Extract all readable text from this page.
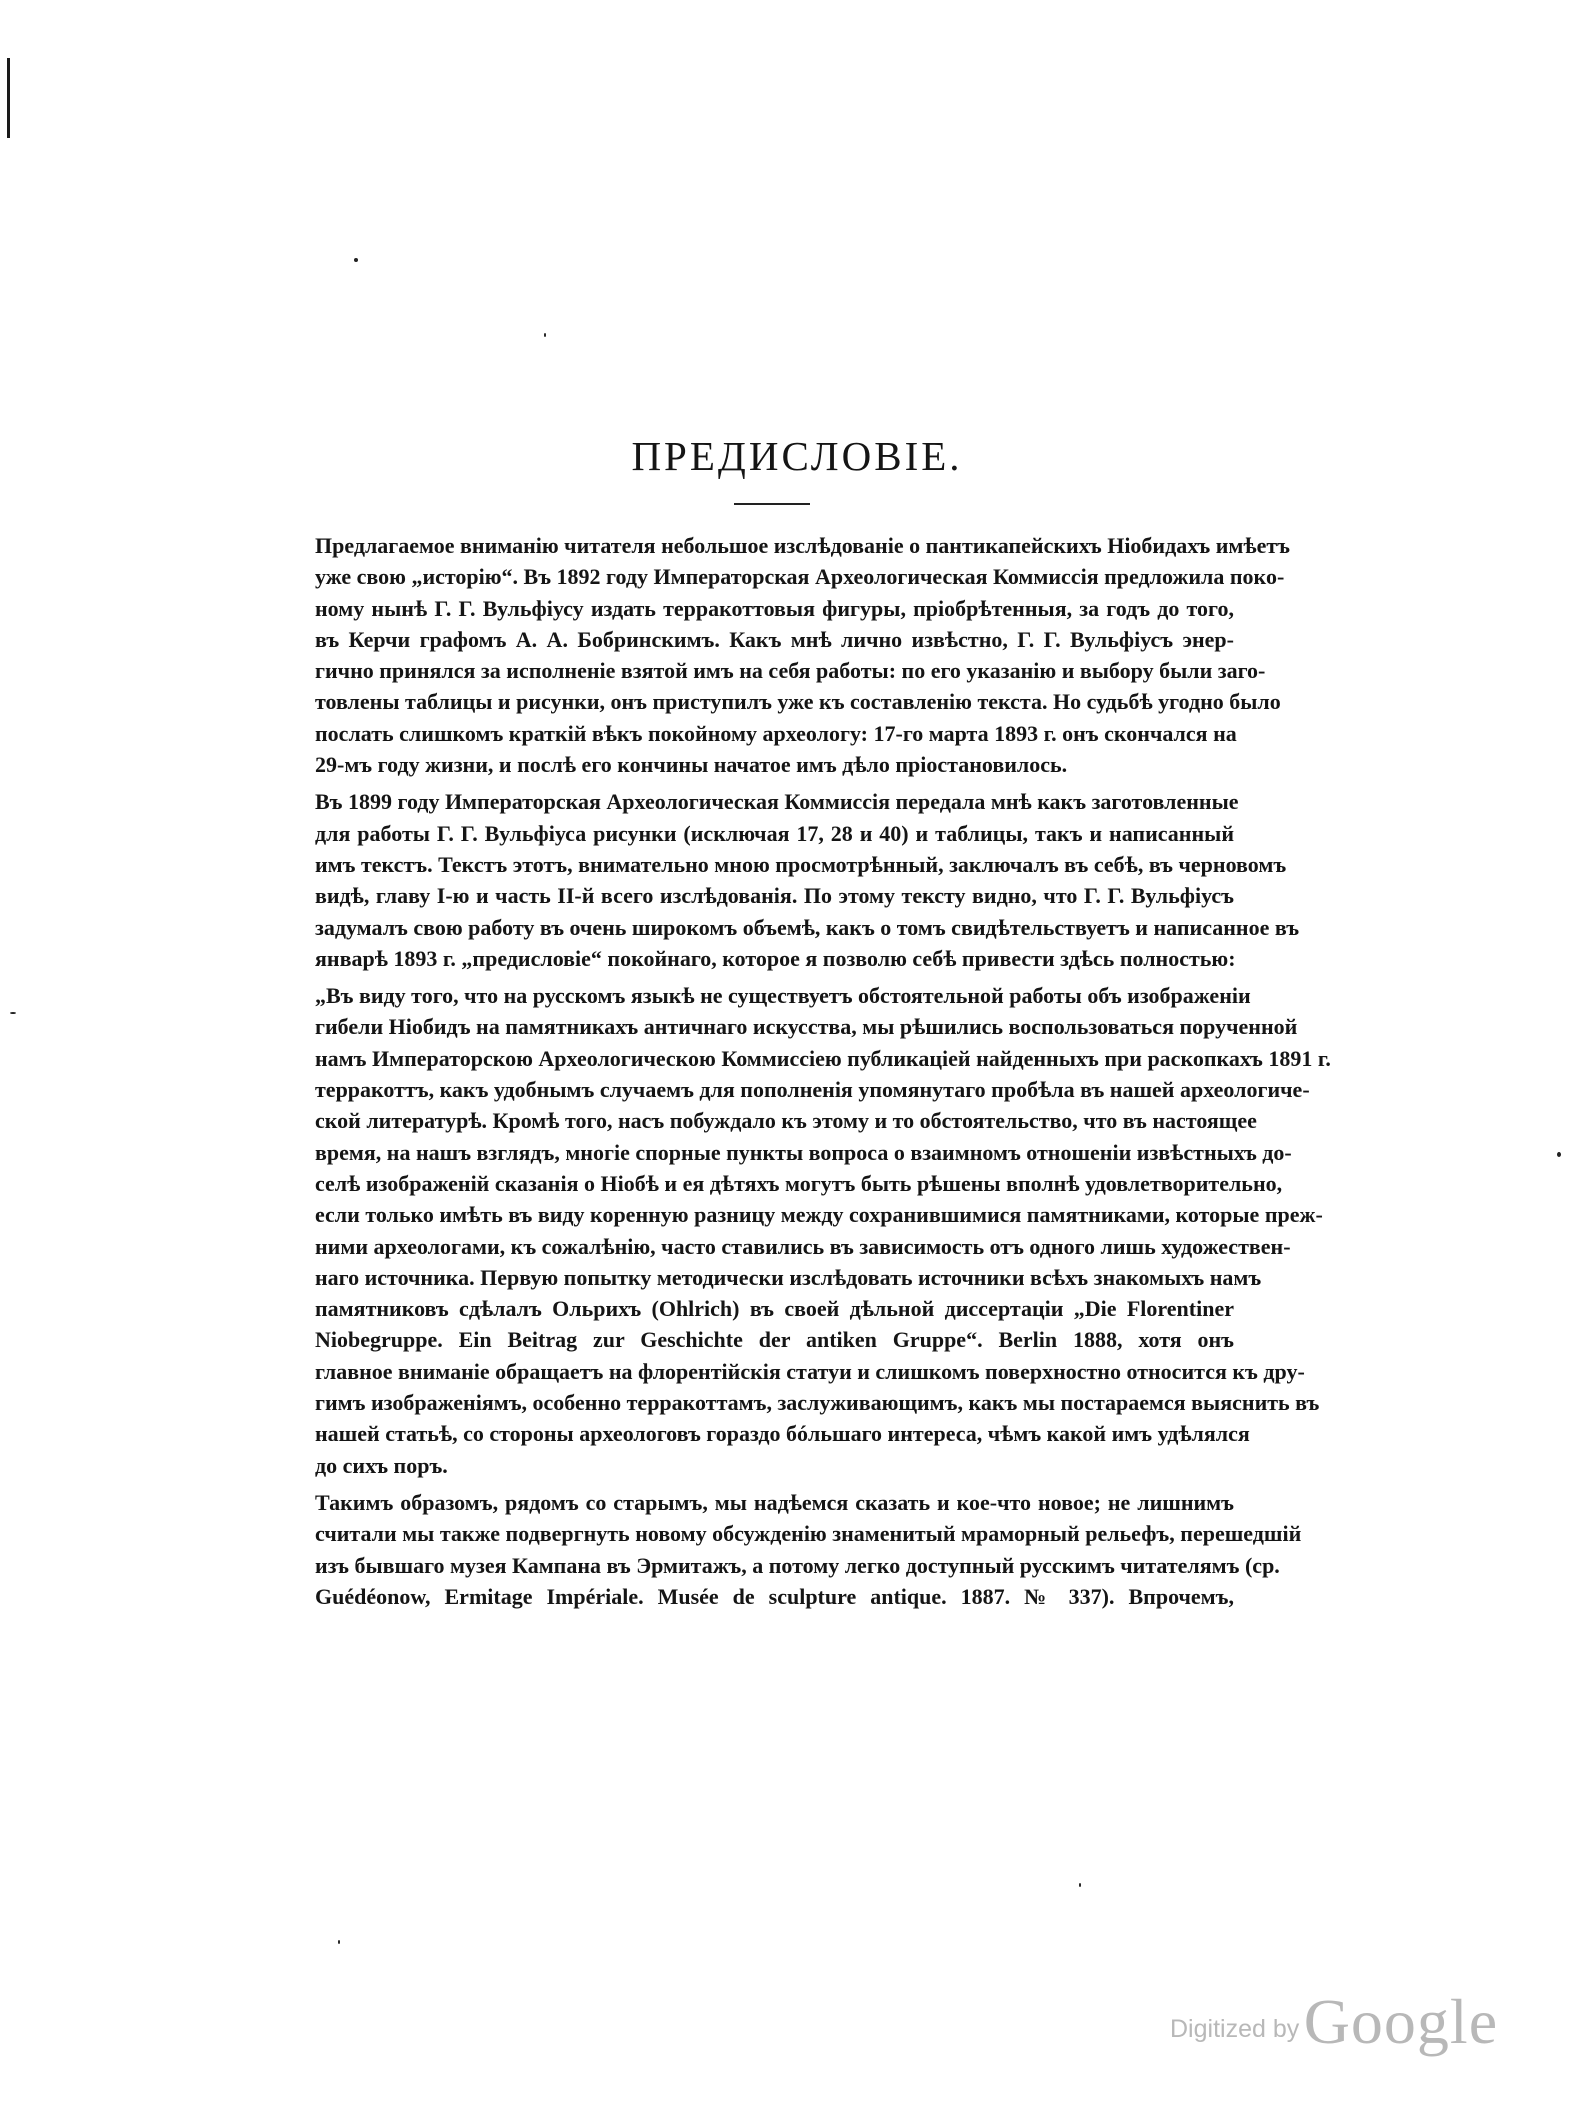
ПРЕДИСЛОВІЕ.

Предлагаемое вниманію читателя небольшое изслѣдованіе о пантикапейскихъ Ніобидахъ имѣетъ
уже свою „исторію“. Въ 1892 году Императорская Археологическая Коммиссія предложила поко-
ному нынѣ Г. Г. Вульфіусу издать терракоттовыя фигуры, пріобрѣтенныя, за годъ до того,
въ Керчи графомъ А. А. Бобринскимъ. Какъ мнѣ лично извѣстно, Г. Г. Вульфіусъ энер-
гично принялся за исполненіе взятой имъ на себя работы: по его указанію и выбору были заго-
товлены таблицы и рисунки, онъ приступилъ уже къ составленію текста. Но судьбѣ угодно было
послать слишкомъ краткій вѣкъ покойному археологу: 17-го марта 1893 г. онъ скончался на
29-мъ году жизни, и послѣ его кончины начатое имъ дѣло пріостановилось.

Въ 1899 году Императорская Археологическая Коммиссія передала мнѣ какъ заготовленные
для работы Г. Г. Вульфіуса рисунки (исключая 17, 28 и 40) и таблицы, такъ и написанный
имъ текстъ. Текстъ этотъ, внимательно мною просмотрѣнный, заключалъ въ себѣ, въ черновомъ
видѣ, главу I-ю и часть II-й всего изслѣдованія. По этому тексту видно, что Г. Г. Вульфіусъ
задумалъ свою работу въ очень широкомъ объемѣ, какъ о томъ свидѣтельствуетъ и написанное въ
январѣ 1893 г. „предисловіе“ покойнаго, которое я позволю себѣ привести здѣсь полностью:

„Въ виду того, что на русскомъ языкѣ не существуетъ обстоятельной работы объ изображеніи
гибели Ніобидъ на памятникахъ античнаго искусства, мы рѣшились воспользоваться порученной
намъ Императорскою Археологическою Коммиссіею публикаціей найденныхъ при раскопкахъ 1891 г.
терракоттъ, какъ удобнымъ случаемъ для пополненія упомянутаго пробѣла въ нашей археологиче-
ской литературѣ. Кромѣ того, насъ побуждало къ этому и то обстоятельство, что въ настоящее
время, на нашъ взглядъ, многіе спорные пункты вопроса о взаимномъ отношеніи извѣстныхъ до-
селѣ изображеній сказанія о Ніобѣ и ея дѣтяхъ могутъ быть рѣшены вполнѣ удовлетворительно,
если только имѣть въ виду коренную разницу между сохранившимися памятниками, которые преж-
ними археологами, къ сожалѣнію, часто ставились въ зависимость отъ одного лишь художествен-
наго источника. Первую попытку методически изслѣдовать источники всѣхъ знакомыхъ намъ
памятниковъ сдѣлалъ Ольрихъ (Ohlrich) въ своей дѣльной диссертаціи „Die Florentiner
Niobegruppe. Ein Beitrag zur Geschichte der antiken Gruppe“. Berlin 1888, хотя онъ
главное вниманіе обращаетъ на флорентійскія статуи и слишкомъ поверхностно относится къ дру-
гимъ изображеніямъ, особенно терракоттамъ, заслуживающимъ, какъ мы постараемся выяснить въ
нашей статьѣ, со стороны археологовъ гораздо бóльшаго интереса, чѣмъ какой имъ удѣлялся
до сихъ поръ.

Такимъ образомъ, рядомъ со старымъ, мы надѣемся сказать и кое-что новое; не лишнимъ
считали мы также подвергнуть новому обсужденію знаменитый мраморный рельефъ, перешедшій
изъ бывшаго музея Кампана въ Эрмитажъ, а потому легко доступный русскимъ читателямъ (ср.
Guédéonow, Ermitage Impériale. Musée de sculpture antique. 1887. № 337). Впрочемъ,

Digitized by Google
